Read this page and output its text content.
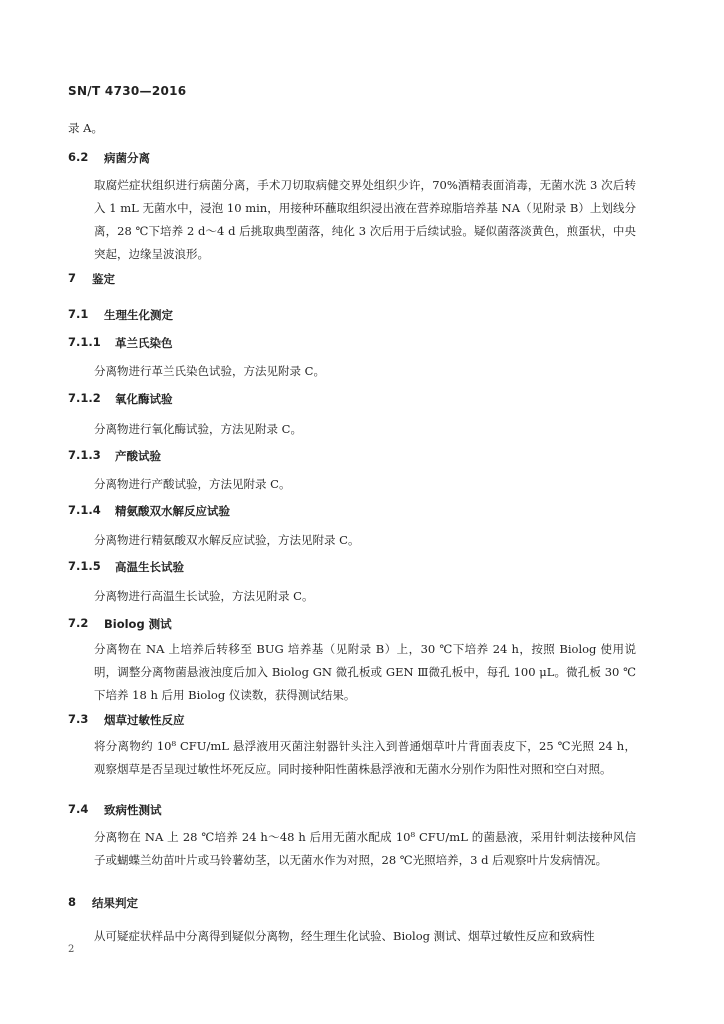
SN/T 4730—2016
录 A。
6.2 病菌分离
取腐烂症状组织进行病菌分离，手术刀切取病健交界处组织少许，70%酒精表面消毒，无菌水洗 3 次后转入 1 mL 无菌水中，浸泡 10 min，用接种环蘸取组织浸出液在营养琼脂培养基 NA（见附录 B）上划线分离，28 ℃下培养 2 d～4 d 后挑取典型菌落，纯化 3 次后用于后续试验。疑似菌落淡黄色，煎蛋状，中央突起，边缘呈波浪形。
7 鉴定
7.1 生理生化测定
7.1.1 革兰氏染色
分离物进行革兰氏染色试验，方法见附录 C。
7.1.2 氧化酶试验
分离物进行氧化酶试验，方法见附录 C。
7.1.3 产酸试验
分离物进行产酸试验，方法见附录 C。
7.1.4 精氨酸双水解反应试验
分离物进行精氨酸双水解反应试验，方法见附录 C。
7.1.5 高温生长试验
分离物进行高温生长试验，方法见附录 C。
7.2 Biolog 测试
分离物在 NA 上培养后转移至 BUG 培养基（见附录 B）上，30 ℃下培养 24 h，按照 Biolog 使用说明，调整分离物菌悬液浊度后加入 Biolog GN 微孔板或 GEN Ⅲ微孔板中，每孔 100 μL。微孔板 30 ℃下培养 18 h 后用 Biolog 仪读数，获得测试结果。
7.3 烟草过敏性反应
将分离物约 10⁸ CFU/mL 悬浮液用灭菌注射器针头注入到普通烟草叶片背面表皮下，25 ℃光照 24 h，观察烟草是否呈现过敏性坏死反应。同时接种阳性菌株悬浮液和无菌水分别作为阳性对照和空白对照。
7.4 致病性测试
分离物在 NA 上 28 ℃培养 24 h～48 h 后用无菌水配成 10⁸ CFU/mL 的菌悬液，采用针刺法接种风信子或蝴蝶兰幼苗叶片或马铃薯幼茎，以无菌水作为对照，28 ℃光照培养，3 d 后观察叶片发病情况。
8 结果判定
从可疑症状样品中分离得到疑似分离物，经生理生化试验、Biolog 测试、烟草过敏性反应和致病性
2
